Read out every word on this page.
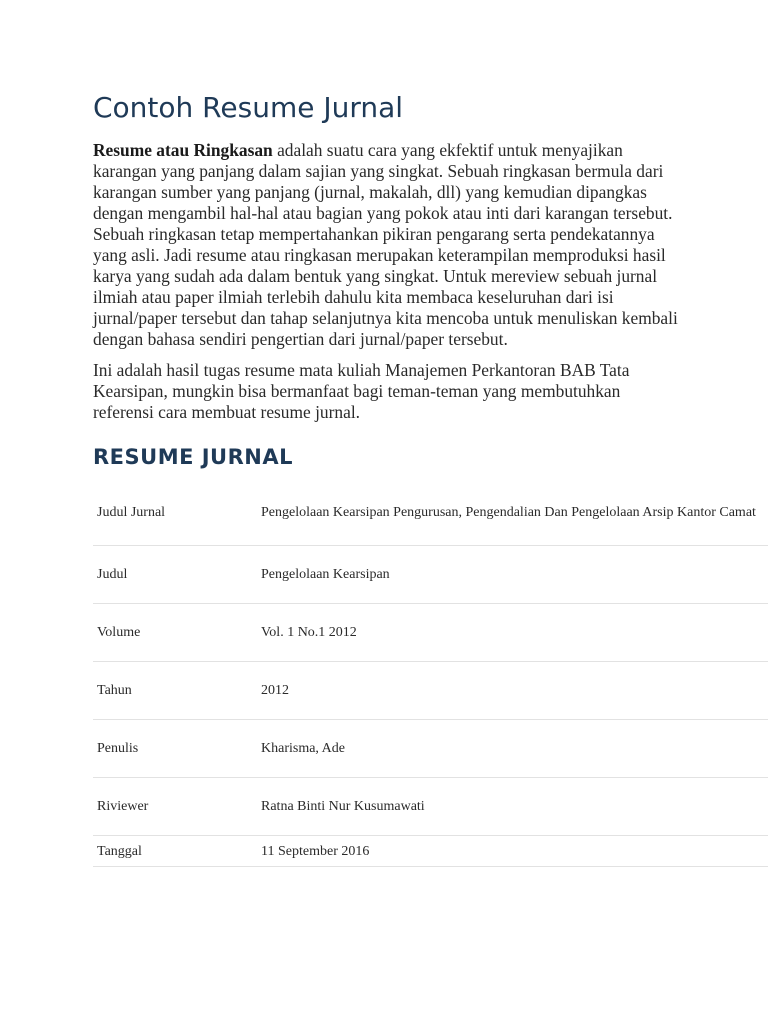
Contoh Resume Jurnal

Resume atau Ringkasan adalah suatu cara yang ekfektif untuk menyajikan karangan yang panjang dalam sajian yang singkat. Sebuah ringkasan bermula dari karangan sumber yang panjang (jurnal, makalah, dll) yang kemudian dipangkas dengan mengambil hal-hal atau bagian yang pokok atau inti dari karangan tersebut.
Sebuah ringkasan tetap mempertahankan pikiran pengarang serta pendekatannya yang asli. Jadi resume atau ringkasan merupakan keterampilan memproduksi hasil karya yang sudah ada dalam bentuk yang singkat. Untuk mereview sebuah jurnal ilmiah atau paper ilmiah terlebih dahulu kita membaca keseluruhan dari isi jurnal/paper tersebut dan tahap selanjutnya kita mencoba untuk menuliskan kembali dengan bahasa sendiri pengertian dari jurnal/paper tersebut.

Ini adalah hasil tugas resume mata kuliah Manajemen Perkantoran BAB Tata Kearsipan, mungkin bisa bermanfaat bagi teman-teman yang membutuhkan referensi cara membuat resume jurnal.

RESUME JURNAL
Judul Jurnal	Pengelolaan Kearsipan Pengurusan, Pengendalian Dan Pengelolaan Arsip Kantor Camat
Judul	Pengelolaan Kearsipan
Volume	Vol. 1 No.1 2012
Tahun	2012
Penulis	Kharisma, Ade
Riviewer	Ratna Binti Nur Kusumawati
Tanggal	11 September 2016
